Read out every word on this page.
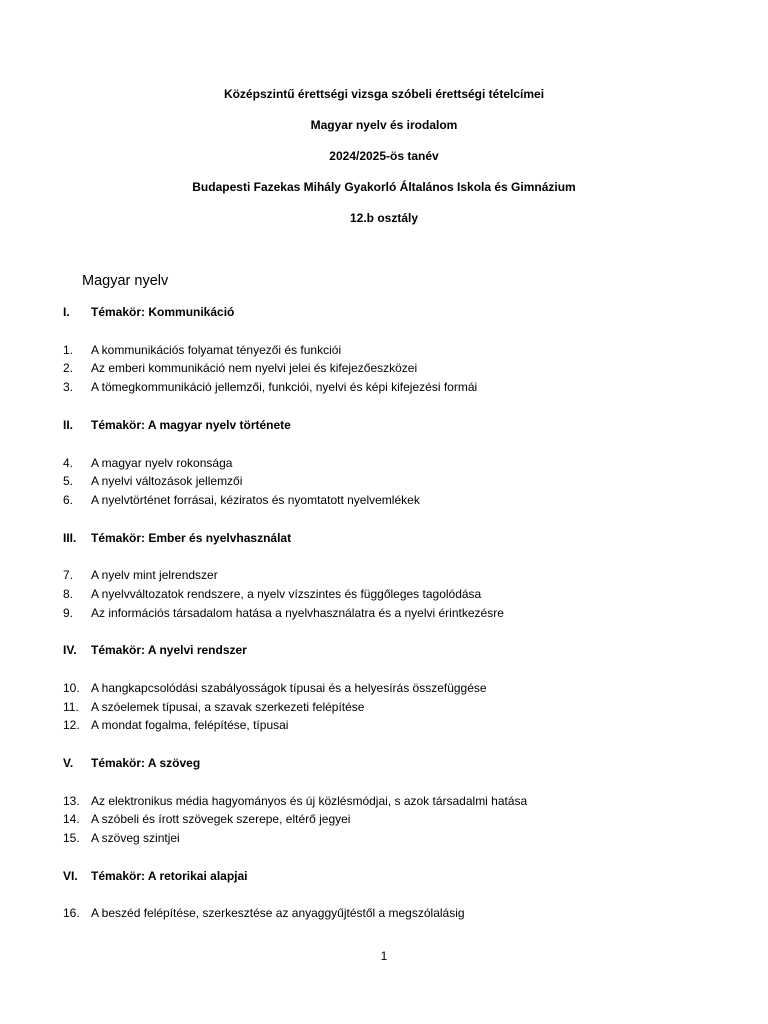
Középszintű érettségi vizsga szóbeli érettségi tételcímei
Magyar nyelv és irodalom
2024/2025-ös tanév
Budapesti Fazekas Mihály Gyakorló Általános Iskola és Gimnázium
12.b osztály
Magyar nyelv
I. Témakör: Kommunikáció
1. A kommunikációs folyamat tényezői és funkciói
2. Az emberi kommunikáció nem nyelvi jelei és kifejezőeszközei
3. A tömegkommunikáció jellemzői, funkciói, nyelvi és képi kifejezési formái
II. Témakör: A magyar nyelv története
4. A magyar nyelv rokonsága
5. A nyelvi változások jellemzői
6. A nyelvtörténet forrásai, kéziratos és nyomtatott nyelvemlékek
III. Témakör: Ember és nyelvhasználat
7. A nyelv mint jelrendszer
8. A nyelvváltozatok rendszere, a nyelv vízszintes és függőleges tagolódása
9. Az információs társadalom hatása a nyelvhasználatra és a nyelvi érintkezésre
IV. Témakör: A nyelvi rendszer
10. A hangkapcsolódási szabályosságok típusai és a helyesírás összefüggése
11. A szóelemek típusai, a szavak szerkezeti felépítése
12. A mondat fogalma, felépítése, típusai
V. Témakör: A szöveg
13. Az elektronikus média hagyományos és új közlésmódjai, s azok társadalmi hatása
14. A szóbeli és írott szövegek szerepe, eltérő jegyei
15. A szöveg szintjei
VI. Témakör: A retorikai alapjai
16. A beszéd felépítése, szerkesztése az anyaggyűjtéstől a megszólalásig
1
